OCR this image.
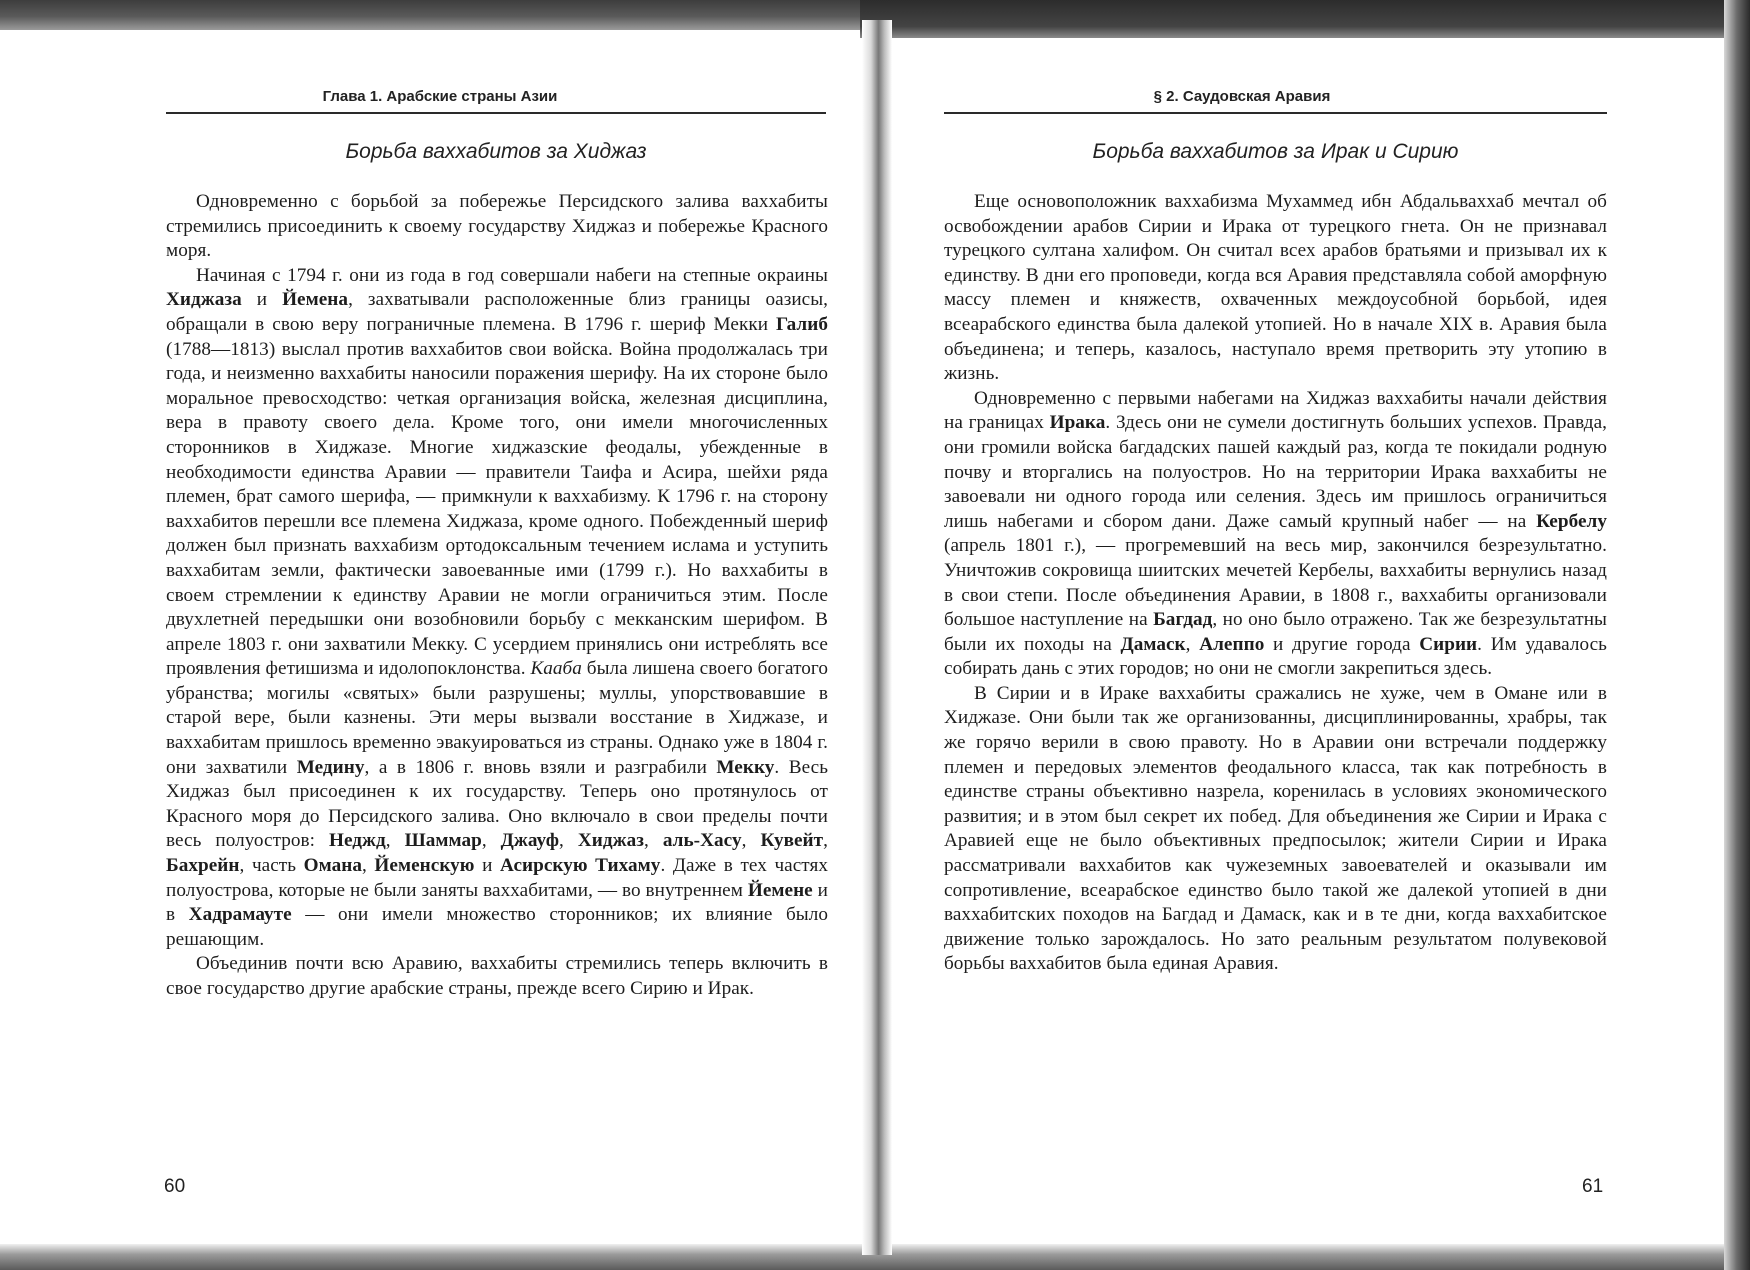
Глава 1. Арабские страны Азии
Борьба ваххабитов за Хиджаз

Одновременно с борьбой за побережье Персидского залива ваххабиты стремились присоединить к своему государству Хиджаз и побережье Красного моря.

Начиная с 1794 г. они из года в год совершали набеги на степные окраины Хиджаза и Йемена, захватывали расположенные близ границы оазисы, обращали в свою веру пограничные племена. В 1796 г. шериф Мекки Галиб (1788—1813) выслал против ваххабитов свои войска. Война продолжалась три года, и неизменно ваххабиты наносили поражения шерифу. На их стороне было моральное превосходство: четкая организация войска, железная дисциплина, вера в правоту своего дела. Кроме того, они имели многочисленных сторонников в Хиджазе. Многие хиджазские феодалы, убежденные в необходимости единства Аравии — правители Таифа и Асира, шейхи ряда племен, брат самого шерифа, — примкнули к ваххабизму. К 1796 г. на сторону ваххабитов перешли все племена Хиджаза, кроме одного. Побежденный шериф должен был признать ваххабизм ортодоксальным течением ислама и уступить ваххабитам земли, фактически завоеванные ими (1799 г.). Но ваххабиты в своем стремлении к единству Аравии не могли ограничиться этим. После двухлетней передышки они возобновили борьбу с мекканским шерифом. В апреле 1803 г. они захватили Мекку. С усердием принялись они истреблять все проявления фетишизма и идолопоклонства. Кааба была лишена своего богатого убранства; могилы «святых» были разрушены; муллы, упорствовавшие в старой вере, были казнены. Эти меры вызвали восстание в Хиджазе, и ваххабитам пришлось временно эвакуироваться из страны. Однако уже в 1804 г. они захватили Медину, а в 1806 г. вновь взяли и разграбили Мекку. Весь Хиджаз был присоединен к их государству. Теперь оно протянулось от Красного моря до Персидского залива. Оно включало в свои пределы почти весь полуостров: Неджд, Шаммар, Джауф, Хиджаз, аль-Хасу, Кувейт, Бахрейн, часть Омана, Йеменскую и Асирскую Тихаму. Даже в тех частях полуострова, которые не были заняты ваххабитами, — во внутреннем Йемене и в Хадрамауте — они имели множество сторонников; их влияние было решающим.

Объединив почти всю Аравию, ваххабиты стремились теперь включить в свое государство другие арабские страны, прежде всего Сирию и Ирак.

60
§ 2. Саудовская Аравия
Борьба ваххабитов за Ирак и Сирию

Еще основоположник ваххабизма Мухаммед ибн Абдальваххаб мечтал об освобождении арабов Сирии и Ирака от турецкого гнета. Он не признавал турецкого султана халифом. Он считал всех арабов братьями и призывал их к единству. В дни его проповеди, когда вся Аравия представляла собой аморфную массу племен и княжеств, охваченных междоусобной борьбой, идея всеарабского единства была далекой утопией. Но в начале XIX в. Аравия была объединена; и теперь, казалось, наступало время претворить эту утопию в жизнь.

Одновременно с первыми набегами на Хиджаз ваххабиты начали действия на границах Ирака. Здесь они не сумели достигнуть больших успехов. Правда, они громили войска багдадских пашей каждый раз, когда те покидали родную почву и вторгались на полуостров. Но на территории Ирака ваххабиты не завоевали ни одного города или селения. Здесь им пришлось ограничиться лишь набегами и сбором дани. Даже самый крупный набег — на Кербелу (апрель 1801 г.), — прогремевший на весь мир, закончился безрезультатно. Уничтожив сокровища шиитских мечетей Кербелы, ваххабиты вернулись назад в свои степи. После объединения Аравии, в 1808 г., ваххабиты организовали большое наступление на Багдад, но оно было отражено. Так же безрезультатны были их походы на Дамаск, Алеппо и другие города Сирии. Им удавалось собирать дань с этих городов; но они не смогли закрепиться здесь.

В Сирии и в Ираке ваххабиты сражались не хуже, чем в Омане или в Хиджазе. Они были так же организованны, дисциплинированны, храбры, так же горячо верили в свою правоту. Но в Аравии они встречали поддержку племен и передовых элементов феодального класса, так как потребность в единстве страны объективно назрела, коренилась в условиях экономического развития; и в этом был секрет их побед. Для объединения же Сирии и Ирака с Аравией еще не было объективных предпосылок; жители Сирии и Ирака рассматривали ваххабитов как чужеземных завоевателей и оказывали им сопротивление, всеарабское единство было такой же далекой утопией в дни ваххабитских походов на Багдад и Дамаск, как и в те дни, когда ваххабитское движение только зарождалось. Но зато реальным результатом полувековой борьбы ваххабитов была единая Аравия.

61
